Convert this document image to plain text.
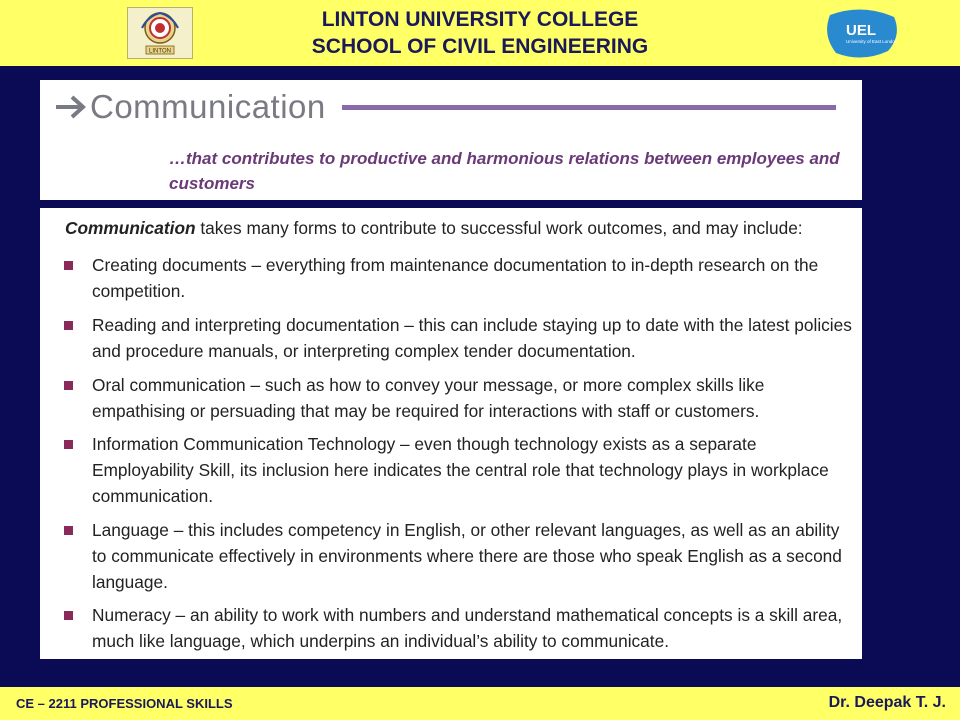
LINTON
LINTON UNIVERSITY COLLEGE
SCHOOL OF CIVIL ENGINEERING
UEL
University of East London
Communication
…that contributes to productive and harmonious relations between employees and customers
Communication takes many forms to contribute to successful work outcomes, and may include:
Creating documents – everything from maintenance documentation to in-depth research on the competition.
Reading and interpreting documentation – this can include staying up to date with the latest policies and procedure manuals, or interpreting complex tender documentation.
Oral communication – such as how to convey your message, or more complex skills like empathising or persuading that may be required for interactions with staff or customers.
Information Communication Technology – even though technology exists as a separate Employability Skill, its inclusion here indicates the central role that technology plays in workplace communication.
Language – this includes competency in English, or other relevant languages, as well as an ability to communicate effectively in environments where there are those who speak English as a second language.
Numeracy – an ability to work with numbers and understand mathematical concepts is a skill area, much like language, which underpins an individual’s ability to communicate.
CE – 2211 PROFESSIONAL SKILLS	Dr. Deepak T. J.
